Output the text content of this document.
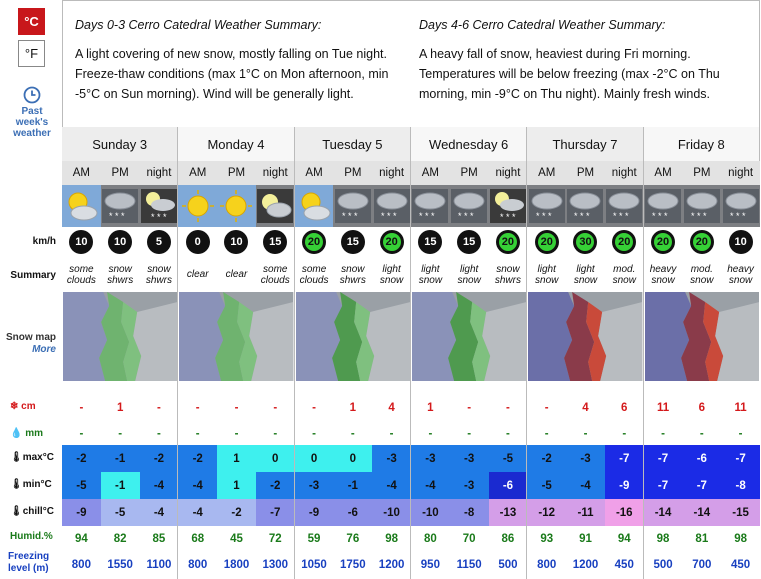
°C
°F
Past week's weather
Days 0-3 Cerro Catedral Weather Summary:
A light covering of new snow, mostly falling on Tue night. Freeze-thaw conditions (max 1°C on Mon afternoon, min -5°C on Sun morning). Wind will be generally light.
Days 4-6 Cerro Catedral Weather Summary:
A heavy fall of snow, heaviest during Fri morning. Temperatures will be below freezing (max -2°C on Thu morning, min -9°C on Thu night). Mainly fresh winds.
km/h
Summary
Snow map
More
❄ cm
💧 mm
🌡max°C
🌡min°C
🌡chill°C
Humid.%
Freezing level (m)
Sunday 3
AM
10
some clouds
-
-
-2
-5
-9
94
800
PM
* * *
10
snow shwrs
1
-
-1
-1
-5
82
1550
night
* * *
5
snow shwrs
-
-
-2
-4
-4
85
1100
Monday 4
AM
0
clear
-
-
-2
-4
-4
68
800
PM
10
clear
-
-
1
1
-2
45
1800
night
15
some clouds
-
-
0
-2
-7
72
1300
Tuesday 5
AM
20
some clouds
-
-
0
-3
-9
59
1050
PM
* * *
15
snow shwrs
1
-
0
-1
-6
76
1750
night
* * *
20
light snow
4
-
-3
-4
-10
98
1200
Wednesday 6
AM
* * *
15
light snow
1
-
-3
-4
-10
80
950
PM
* * *
15
light snow
-
-
-3
-3
-8
70
1150
night
* * *
20
snow shwrs
-
-
-5
-6
-13
86
500
Thursday 7
AM
* * *
20
light snow
-
-
-2
-5
-12
93
800
PM
* * *
30
light snow
4
-
-3
-4
-11
91
1200
night
* * *
20
mod. snow
6
-
-7
-9
-16
94
450
Friday 8
AM
* * *
20
heavy snow
11
-
-7
-7
-14
98
500
PM
* * *
20
mod. snow
6
-
-6
-7
-14
81
700
night
* * *
10
heavy snow
11
-
-7
-8
-15
98
450
